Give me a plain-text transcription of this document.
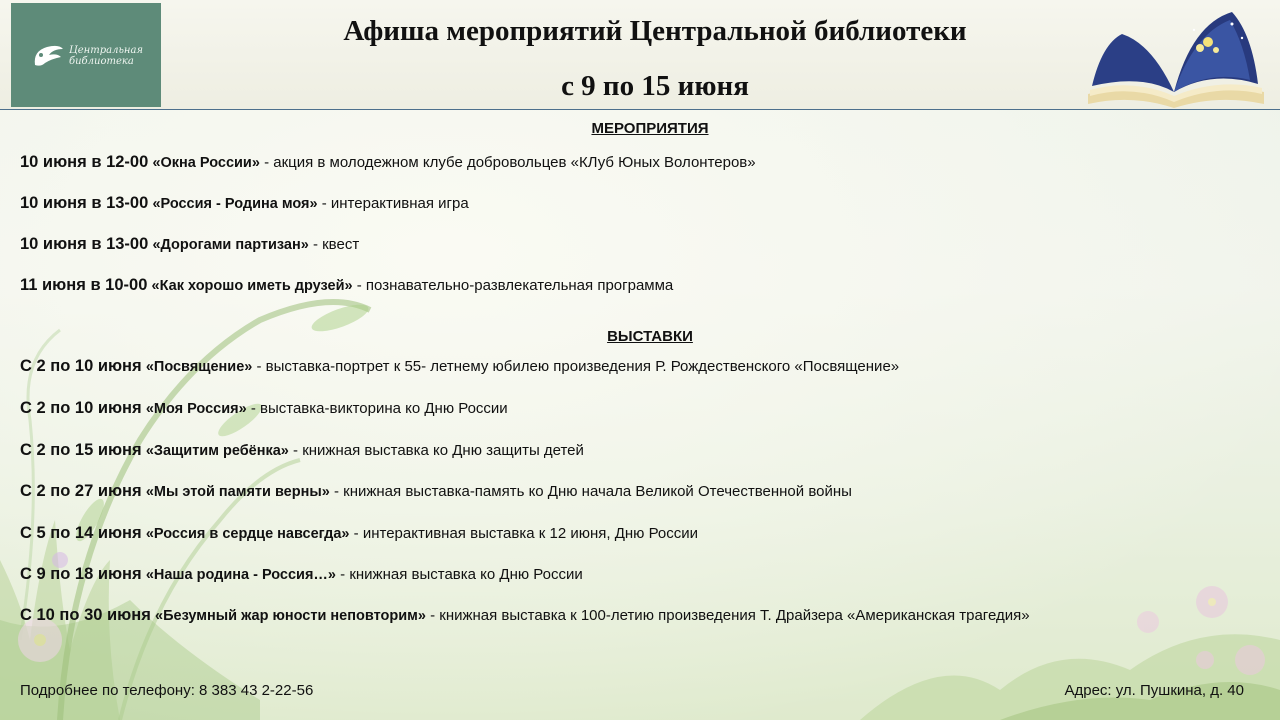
Центральная библиотека
Афиша мероприятий Центральной библиотеки
с 9 по 15 июня
МЕРОПРИЯТИЯ
10 июня в 12-00 «Окна России» - акция в молодежном клубе добровольцев «КЛуб Юных Волонтеров»
10 июня в 13-00 «Россия - Родина моя» - интерактивная игра
10 июня в 13-00 «Дорогами партизан» - квест
11 июня в 10-00 «Как хорошо иметь друзей» - познавательно-развлекательная программа
ВЫСТАВКИ
С 2 по 10 июня «Посвящение» - выставка-портрет к 55- летнему юбилею произведения Р. Рождественского «Посвящение»
С 2 по 10 июня «Моя Россия» - выставка-викторина ко Дню России
С 2 по 15 июня «Защитим ребёнка» - книжная выставка ко Дню защиты детей
С 2 по 27 июня «Мы этой памяти верны» - книжная выставка-память ко Дню начала Великой Отечественной войны
С 5 по 14 июня «Россия в сердце навсегда» - интерактивная выставка к 12 июня, Дню России
С 9 по 18 июня «Наша родина - Россия…» - книжная выставка ко Дню России
С 10 по 30 июня «Безумный жар юности неповторим» - книжная выставка к 100-летию произведения Т. Драйзера «Американская трагедия»
Подробнее по телефону: 8 383 43 2-22-56	Адрес: ул. Пушкина, д. 40
